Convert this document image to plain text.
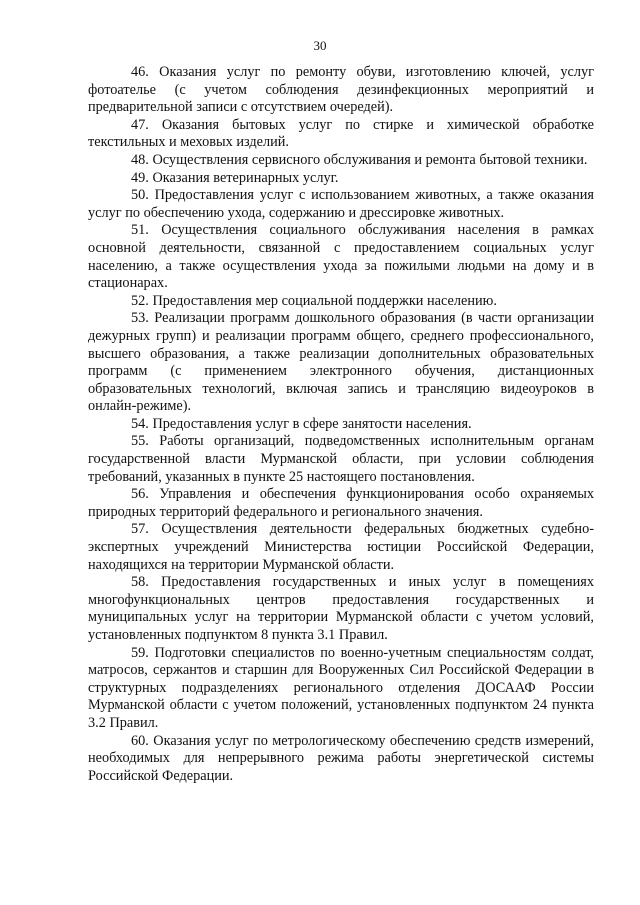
30

46. Оказания услуг по ремонту обуви, изготовлению ключей, услуг фотоателье (с учетом соблюдения дезинфекционных мероприятий и предварительной записи с отсутствием очередей).

47. Оказания бытовых услуг по стирке и химической обработке текстильных и меховых изделий.

48. Осуществления сервисного обслуживания и ремонта бытовой техники.

49. Оказания ветеринарных услуг.

50. Предоставления услуг с использованием животных, а также оказания услуг по обеспечению ухода, содержанию и дрессировке животных.

51. Осуществления социального обслуживания населения в рамках основной деятельности, связанной с предоставлением социальных услуг населению, а также осуществления ухода за пожилыми людьми на дому и в стационарах.

52. Предоставления мер социальной поддержки населению.

53. Реализации программ дошкольного образования (в части организации дежурных групп) и реализации программ общего, среднего профессионального, высшего образования, а также реализации дополнительных образовательных программ (с применением электронного обучения, дистанционных образовательных технологий, включая запись и трансляцию видеоуроков в онлайн-режиме).

54. Предоставления услуг в сфере занятости населения.

55. Работы организаций, подведомственных исполнительным органам государственной власти Мурманской области, при условии соблюдения требований, указанных в пункте 25 настоящего постановления.

56. Управления и обеспечения функционирования особо охраняемых природных территорий федерального и регионального значения.

57. Осуществления деятельности федеральных бюджетных судебно-экспертных учреждений Министерства юстиции Российской Федерации, находящихся на территории Мурманской области.

58. Предоставления государственных и иных услуг в помещениях многофункциональных центров предоставления государственных и муниципальных услуг на территории Мурманской области с учетом условий, установленных подпунктом 8 пункта 3.1 Правил.

59. Подготовки специалистов по военно-учетным специальностям солдат, матросов, сержантов и старшин для Вооруженных Сил Российской Федерации в структурных подразделениях регионального отделения ДОСААФ России Мурманской области с учетом положений, установленных подпунктом 24 пункта 3.2 Правил.

60. Оказания услуг по метрологическому обеспечению средств измерений, необходимых для непрерывного режима работы энергетической системы Российской Федерации.
